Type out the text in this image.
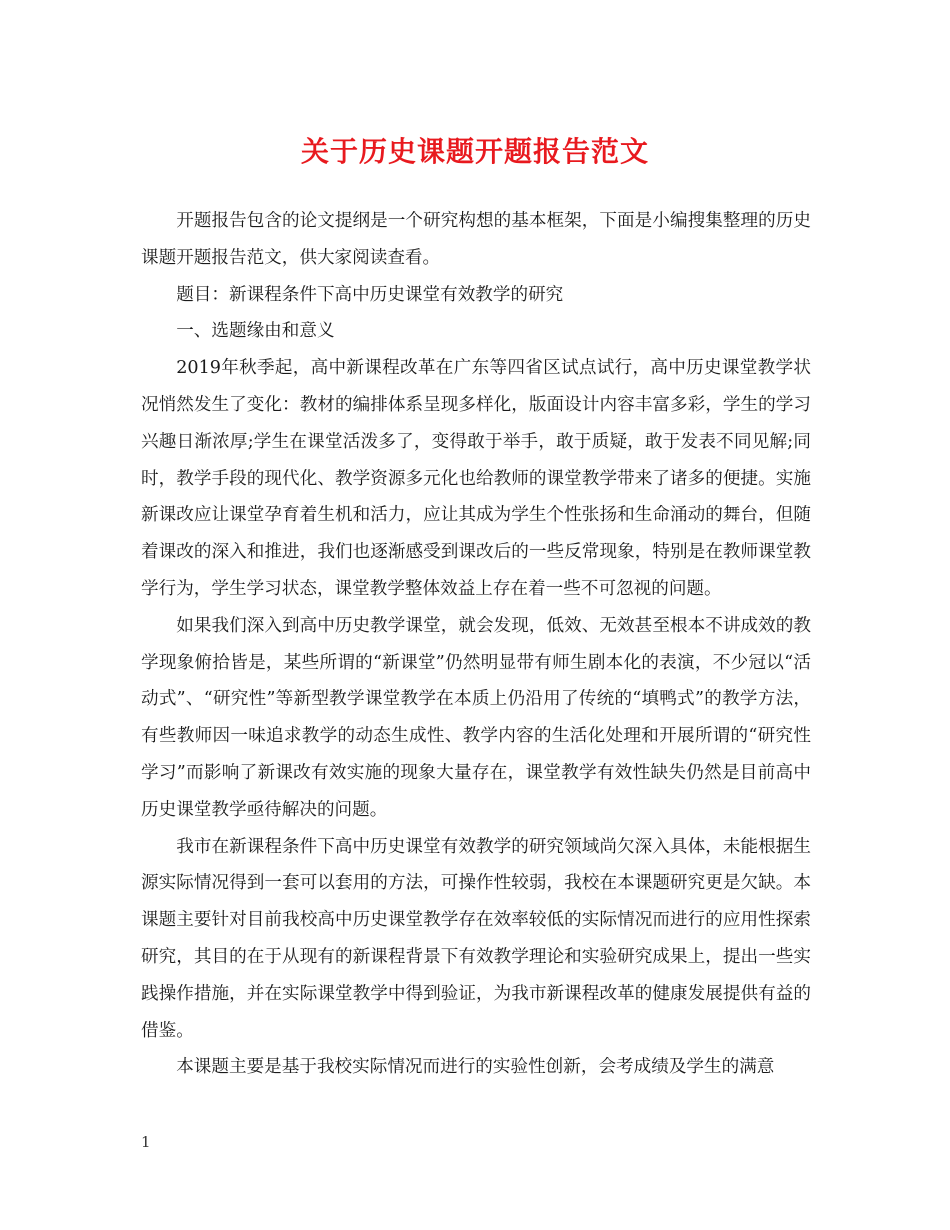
关于历史课题开题报告范文

开题报告包含的论文提纲是一个研究构想的基本框架，下面是小编搜集整理的历史课题开题报告范文，供大家阅读查看。

题目：新课程条件下高中历史课堂有效教学的研究

一、选题缘由和意义

2019年秋季起，高中新课程改革在广东等四省区试点试行，高中历史课堂教学状况悄然发生了变化：教材的编排体系呈现多样化，版面设计内容丰富多彩，学生的学习兴趣日渐浓厚;学生在课堂活泼多了，变得敢于举手，敢于质疑，敢于发表不同见解;同时，教学手段的现代化、教学资源多元化也给教师的课堂教学带来了诸多的便捷。实施新课改应让课堂孕育着生机和活力，应让其成为学生个性张扬和生命涌动的舞台，但随着课改的深入和推进，我们也逐渐感受到课改后的一些反常现象，特别是在教师课堂教学行为，学生学习状态，课堂教学整体效益上存在着一些不可忽视的问题。

如果我们深入到高中历史教学课堂，就会发现，低效、无效甚至根本不讲成效的教学现象俯拾皆是，某些所谓的“新课堂”仍然明显带有师生剧本化的表演，不少冠以“活动式”、“研究性”等新型教学课堂教学在本质上仍沿用了传统的“填鸭式”的教学方法，有些教师因一味追求教学的动态生成性、教学内容的生活化处理和开展所谓的“研究性学习”而影响了新课改有效实施的现象大量存在，课堂教学有效性缺失仍然是目前高中历史课堂教学亟待解决的问题。

我市在新课程条件下高中历史课堂有效教学的研究领域尚欠深入具体，未能根据生源实际情况得到一套可以套用的方法，可操作性较弱，我校在本课题研究更是欠缺。本课题主要针对目前我校高中历史课堂教学存在效率较低的实际情况而进行的应用性探索研究，其目的在于从现有的新课程背景下有效教学理论和实验研究成果上，提出一些实践操作措施，并在实际课堂教学中得到验证，为我市新课程改革的健康发展提供有益的借鉴。

本课题主要是基于我校实际情况而进行的实验性创新，会考成绩及学生的满意

1
